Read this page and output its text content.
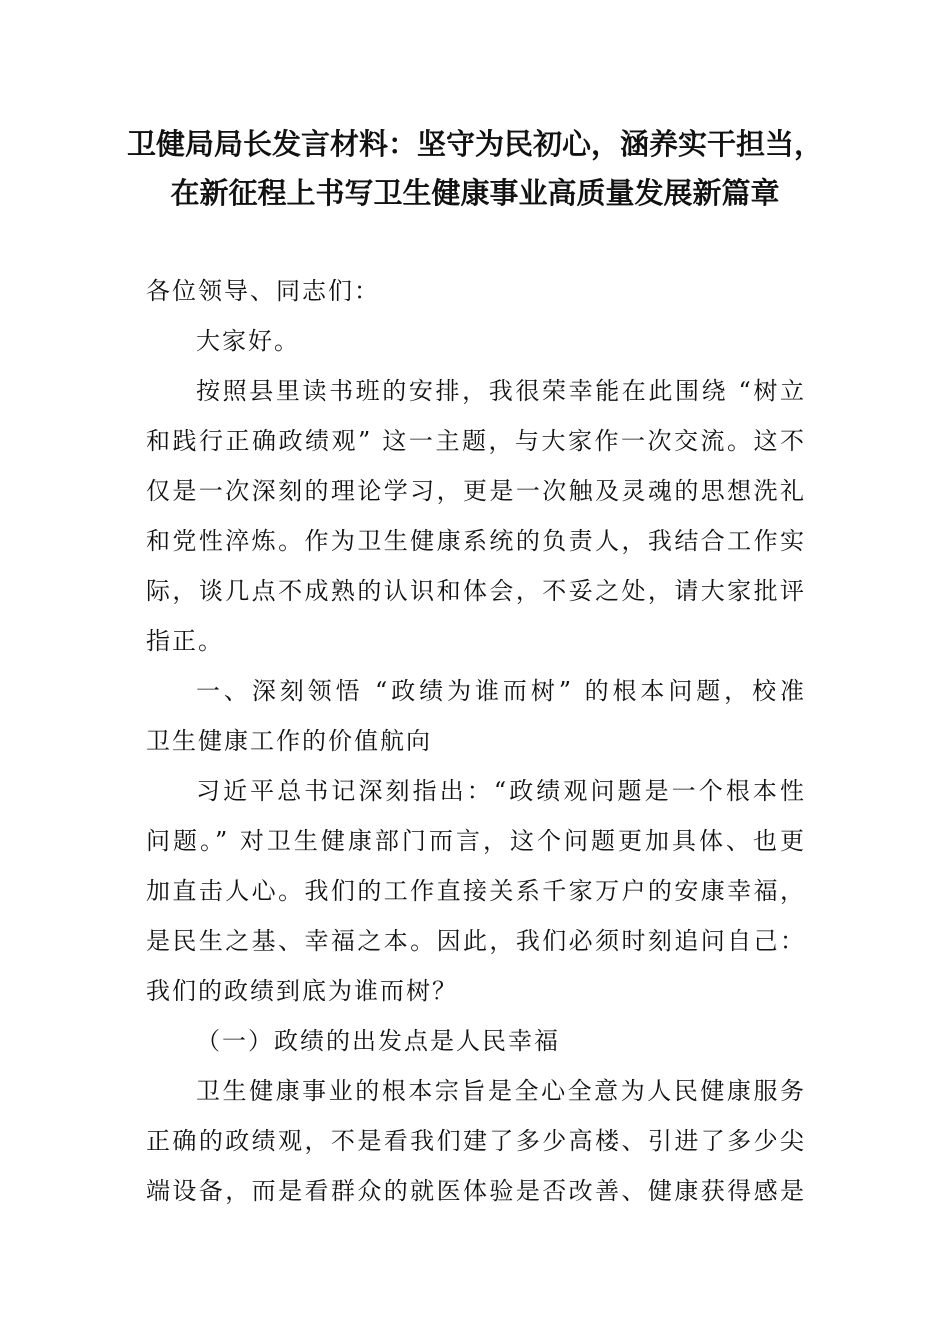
卫健局局长发言材料：坚守为民初心，涵养实干担当，
在新征程上书写卫生健康事业高质量发展新篇章
各位领导、同志们：
大家好。
按照县里读书班的安排，我很荣幸能在此围绕 “树立
和践行正确政绩观” 这一主题，与大家作一次交流。这不
仅是一次深刻的理论学习，更是一次触及灵魂的思想洗礼
和党性淬炼。作为卫生健康系统的负责人，我结合工作实
际，谈几点不成熟的认识和体会，不妥之处，请大家批评
指正。
一、深刻领悟 “政绩为谁而树” 的根本问题，校准
卫生健康工作的价值航向
习近平总书记深刻指出：“政绩观问题是一个根本性
问题。” 对卫生健康部门而言，这个问题更加具体、也更
加直击人心。我们的工作直接关系千家万户的安康幸福，
是民生之基、幸福之本。因此，我们必须时刻追问自己：
我们的政绩到底为谁而树？
（一）政绩的出发点是人民幸福
卫生健康事业的根本宗旨是全心全意为人民健康服务
正确的政绩观，不是看我们建了多少高楼、引进了多少尖
端设备，而是看群众的就医体验是否改善、健康获得感是
